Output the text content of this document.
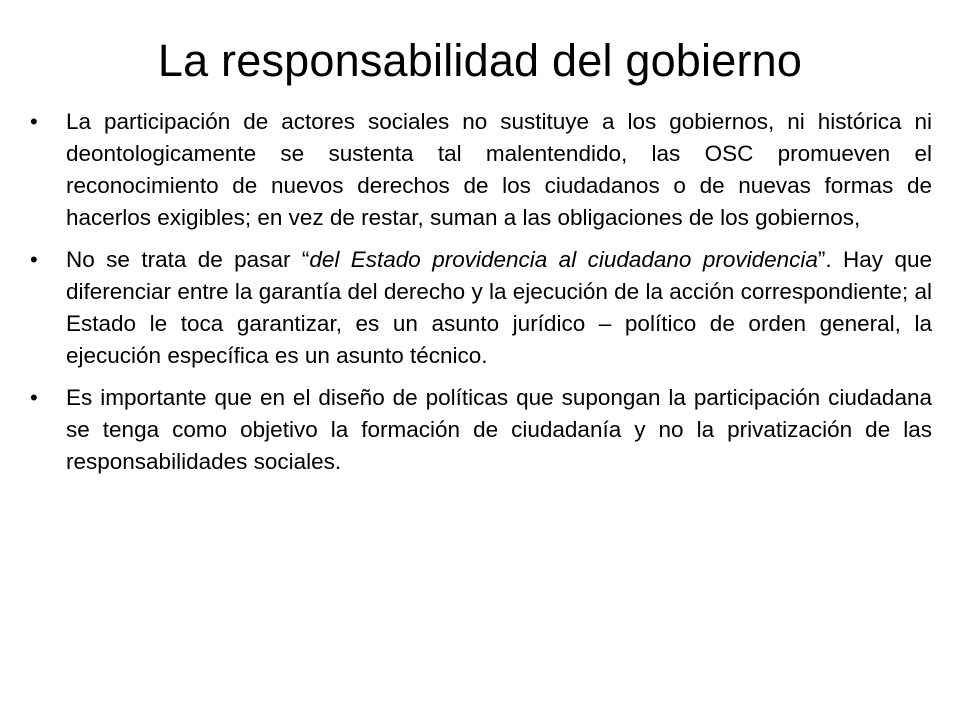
La responsabilidad del gobierno
• La participación de actores sociales no sustituye a los gobiernos, ni histórica ni deontologicamente se sustenta tal malentendido, las OSC promueven el reconocimiento de nuevos derechos de los ciudadanos o de nuevas formas de hacerlos exigibles; en vez de restar, suman a las obligaciones de los gobiernos,
• No se trata de pasar “del Estado providencia al ciudadano providencia”. Hay que diferenciar entre la garantía del derecho y la ejecución de la acción correspondiente; al Estado le toca garantizar, es un asunto jurídico – político de orden general, la ejecución específica es un asunto técnico.
• Es importante que en el diseño de políticas que supongan la participación ciudadana se tenga como objetivo la formación de ciudadanía y no la privatización de las responsabilidades sociales.
